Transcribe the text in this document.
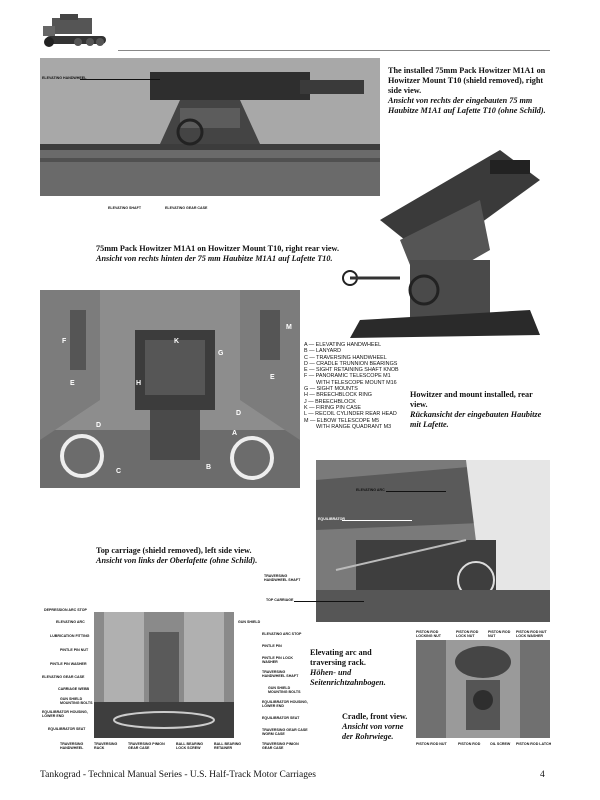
ELEVATING HANDWHEEL
ELEVATING SHAFT	ELEVATING GEAR CASE
The installed 75mm Pack Howitzer M1A1 on Howitzer Mount T10 (shield removed), right side view.
Ansicht von rechts der eingebauten 75 mm Haubitze M1A1 auf Lafette T10 (ohne Schild).
75mm Pack Howitzer M1A1 on Howitzer Mount T10, right rear view.
Ansicht von rechts hinten der 75 mm Haubitze M1A1 auf Lafette T10.
F
E
D
C
B
A
K
H
G
E
D
M
A — ELEVATING HANDWHEEL
B — LANYARD
C — TRAVERSING HANDWHEEL
D — CRADLE TRUNNION BEARINGS
E — SIGHT RETAINING SHAFT KNOB
F — PANORAMIC TELESCOPE M1
WITH TELESCOPE MOUNT M16
G — SIGHT MOUNTS
H — BREECHBLOCK RING
J — BREECHBLOCK
K — FIRING PIN CASE
L — RECOIL CYLINDER REAR HEAD
M — ELBOW TELESCOPE M5
WITH RANGE QUADRANT M3
Howitzer and mount installed, rear view.
Rückansicht der eingebauten Haubitze mit Lafette.
ELEVATING ARC
EQUILIBRATOR
TRAVERSING HANDWHEEL SHAFT
TOP CARRIAGE
Top carriage (shield removed), left side view.
Ansicht von links der Oberlafette (ohne Schild).
DEPRESSION ARC STOP
ELEVATING ARC
LUBRICATION FITTING
PINTLE PIN NUT
PINTLE PIN WASHER
ELEVATING GEAR CASE
CARRIAGE WEBB
GUN SHIELD MOUNTING BOLTS
EQUILIBRATOR HOUSING, LOWER END
EQUILIBRATOR SEAT
GUN SHIELD
ELEVATING ARC STOP
PINTLE PIN
PINTLE PIN LOCK WASHER
TRAVERSING HANDWHEEL SHAFT
GUN SHIELD MOUNTING BOLTS
EQUILIBRATOR HOUSING, LOWER END
EQUILIBRATOR SEAT
TRAVERSING GEAR CASE WORM CASE
TRAVERSING HANDWHEEL
TRAVERSING RACK
TRAVERSING PINION GEAR CASE
BALL BEARING LOCK SCREW
BALL BEARING RETAINER
TRAVERSING PINION GEAR CASE
Elevating arc and traversing rack.
Höhen- und Seitenrichtzahnbogen.
PISTON ROD LOCKING NUT
PISTON ROD LOCK NUT
PISTON ROD NUT
PISTON ROD NUT LOCK WASHER
PISTON ROD NUT	PISTON ROD	OIL SCREW PISTON ROD LATCH
Cradle, front view.
Ansicht von vorne der Rohrwiege.
Tankograd - Technical Manual Series - U.S. Half-Track Motor Carriages	4
